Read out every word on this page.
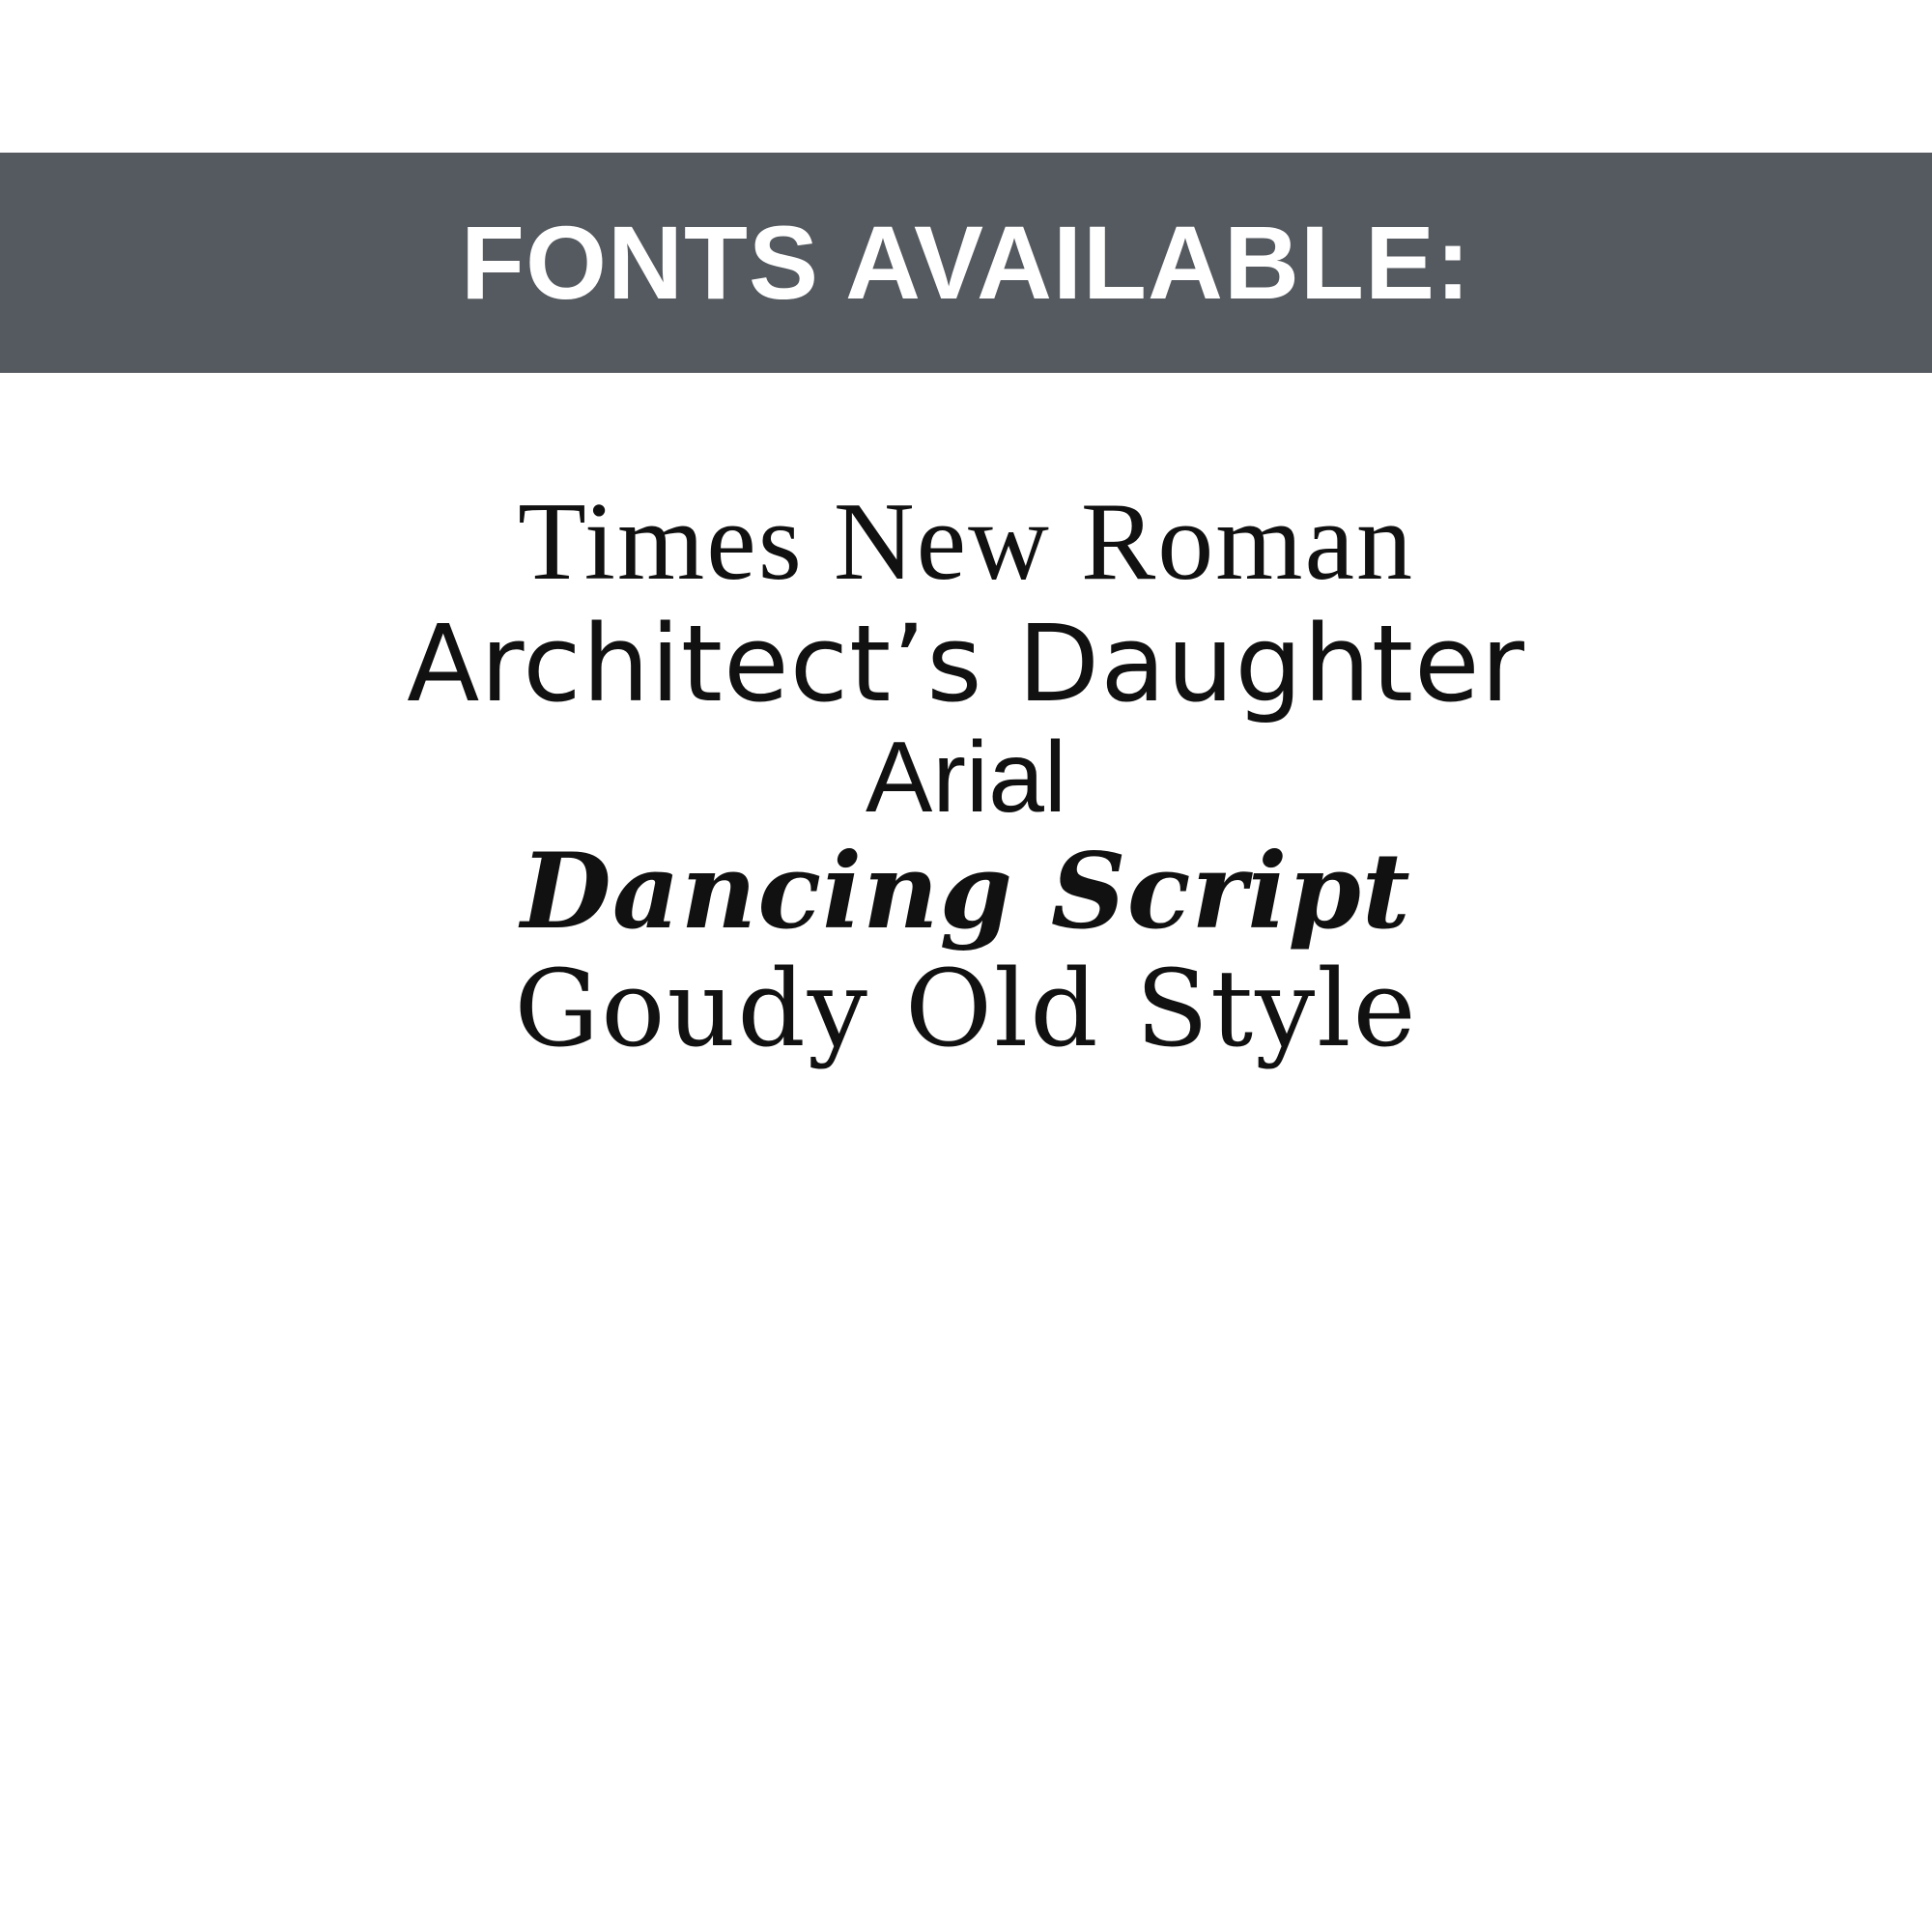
FONTS AVAILABLE:
Times New Roman
Architect’s Daughter
Arial
Dancing Script
Goudy Old Style
